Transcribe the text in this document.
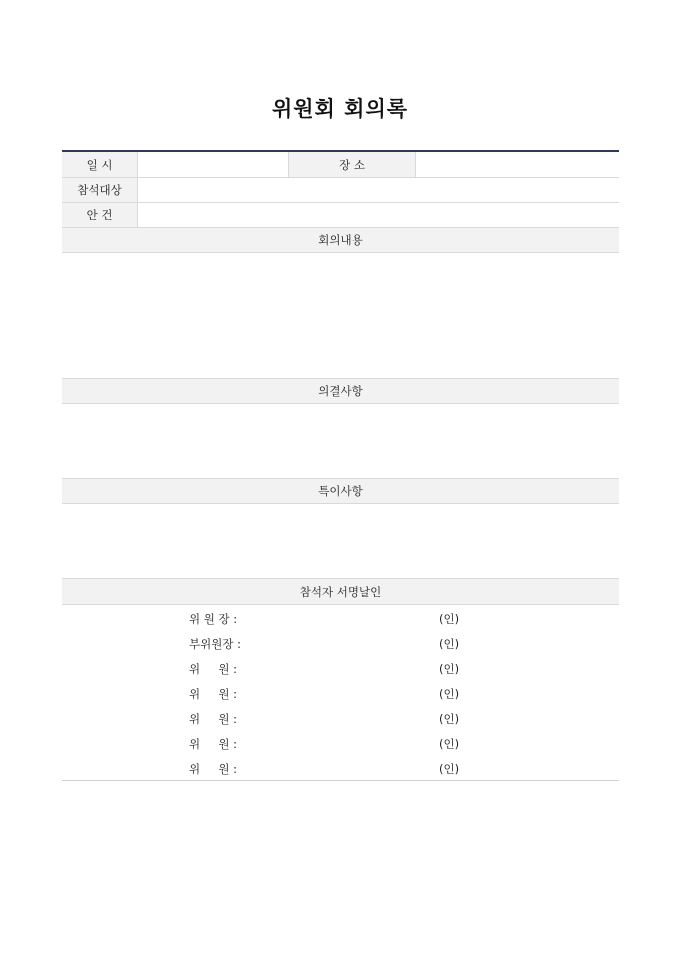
위원회 회의록
일 시	장 소
참석대상
안 건
회의내용
의결사항
특이사항
참석자 서명날인
위 원 장 :	(인)
부위원장 :	(인)
위     원 :	(인)
위     원 :	(인)
위     원 :	(인)
위     원 :	(인)
위     원 :	(인)
